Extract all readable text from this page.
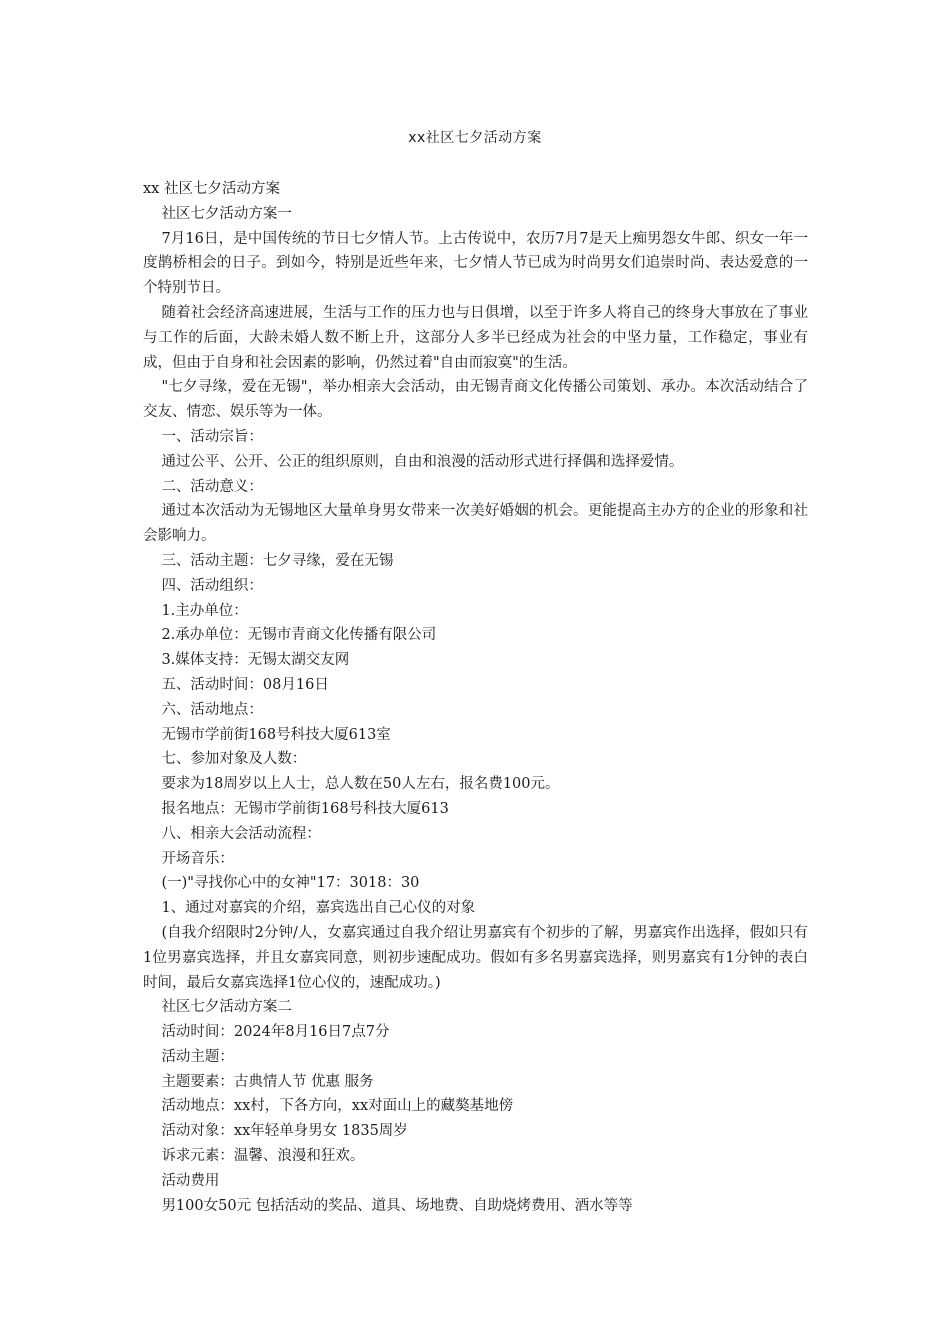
xx社区七夕活动方案

xx 社区七夕活动方案

社区七夕活动方案一

7月16日，是中国传统的节日七夕情人节。上古传说中，农历7月7是天上痴男怨女牛郎、织女一年一度鹊桥相会的日子。到如今，特别是近些年来，七夕情人节已成为时尚男女们追崇时尚、表达爱意的一个特别节日。

随着社会经济高速进展，生活与工作的压力也与日俱增，以至于许多人将自己的终身大事放在了事业与工作的后面，大龄未婚人数不断上升，这部分人多半已经成为社会的中坚力量，工作稳定，事业有成，但由于自身和社会因素的影响，仍然过着"自由而寂寞"的生活。

"七夕寻缘，爱在无锡"，举办相亲大会活动，由无锡青商文化传播公司策划、承办。本次活动结合了交友、情恋、娱乐等为一体。

一、活动宗旨：

通过公平、公开、公正的组织原则，自由和浪漫的活动形式进行择偶和选择爱情。

二、活动意义：

通过本次活动为无锡地区大量单身男女带来一次美好婚姻的机会。更能提高主办方的企业的形象和社会影响力。

三、活动主题：七夕寻缘，爱在无锡

四、活动组织：

1.主办单位：

2.承办单位：无锡市青商文化传播有限公司

3.媒体支持：无锡太湖交友网

五、活动时间：08月16日

六、活动地点：

无锡市学前街168号科技大厦613室

七、参加对象及人数：

要求为18周岁以上人士，总人数在50人左右，报名费100元。

报名地点：无锡市学前街168号科技大厦613

八、相亲大会活动流程：

开场音乐：

(一)"寻找你心中的女神"17：3018：30

1、通过对嘉宾的介绍，嘉宾选出自己心仪的对象

(自我介绍限时2分钟/人，女嘉宾通过自我介绍让男嘉宾有个初步的了解，男嘉宾作出选择，假如只有1位男嘉宾选择，并且女嘉宾同意，则初步速配成功。假如有多名男嘉宾选择，则男嘉宾有1分钟的表白时间，最后女嘉宾选择1位心仪的，速配成功。)

社区七夕活动方案二

活动时间：2024年8月16日7点7分

活动主题：

主题要素：古典情人节 优惠 服务

活动地点：xx村，下各方向，xx对面山上的藏獒基地傍

活动对象：xx年轻单身男女 1835周岁

诉求元素：温馨、浪漫和狂欢。

活动费用

男100女50元 包括活动的奖品、道具、场地费、自助烧烤费用、酒水等等
